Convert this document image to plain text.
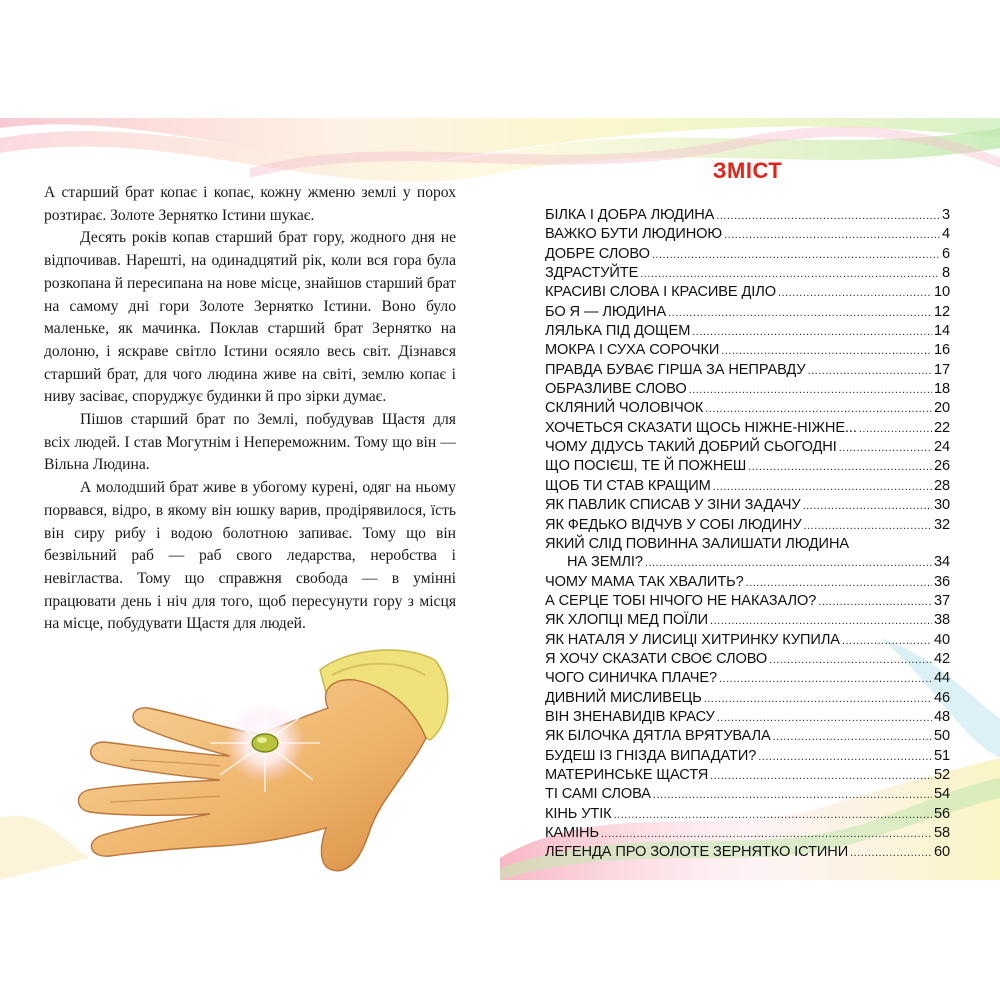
А старший брат копає і копає, кожну жменю землі у порох розтирає. Золоте Зернятко Істини шукає.

Десять років копав старший брат гору, жодного дня не відпочивав. Нарешті, на одинадцятий рік, коли вся гора була розкопана й пересипана на нове місце, знайшов старший брат на самому дні гори Золоте Зернятко Істини. Воно було маленьке, як мачинка. Поклав старший брат Зернятко на долоню, і яскраве світло Істини осяяло весь світ. Дізнався старший брат, для чого людина живе на світі, землю копає і ниву засіває, споруджує будинки й про зірки думає.

Пішов старший брат по Землі, побудував Щастя для всіх людей. І став Могутнім і Непереможним. Тому що він — Вільна Людина.

А молодший брат живе в убогому курені, одяг на ньому порвався, відро, в якому він юшку варив, продірявилося, їсть він сиру рибу і водою болотною запиває. Тому що він безвільний раб — раб свого ледарства, неробства і невігластва. Тому що справжня свобода — в умінні працювати день і ніч для того, щоб пересунути гору з місця на місце, побудувати Щастя для людей.

ЗМІСТ
БІЛКА І ДОБРА ЛЮДИНА .....	3
ВАЖКО БУТИ ЛЮДИНОЮ .....	4
ДОБРЕ СЛОВО .....	6
ЗДРАСТУЙТЕ .....	8
КРАСИВІ СЛОВА І КРАСИВЕ ДІЛО .....	10
БО Я — ЛЮДИНА .....	12
ЛЯЛЬКА ПІД ДОЩЕМ .....	14
МОКРА І СУХА СОРОЧКИ .....	16
ПРАВДА БУВАЄ ГІРША ЗА НЕПРАВДУ .....	17
ОБРАЗЛИВЕ СЛОВО .....	18
СКЛЯНИЙ ЧОЛОВІЧОК .....	20
ХОЧЕТЬСЯ СКАЗАТИ ЩОСЬ НІЖНЕ-НІЖНЕ... .....	22
ЧОМУ ДІДУСЬ ТАКИЙ ДОБРИЙ СЬОГОДНІ .....	24
ЩО ПОСІЄШ, ТЕ Й ПОЖНЕШ .....	26
ЩОБ ТИ СТАВ КРАЩИМ .....	28
ЯК ПАВЛИК СПИСАВ У ЗІНИ ЗАДАЧУ .....	30
ЯК ФЕДЬКО ВІДЧУВ У СОБІ ЛЮДИНУ .....	32
ЯКИЙ СЛІД ПОВИННА ЗАЛИШАТИ ЛЮДИНА
НА ЗЕМЛІ? .....	34
ЧОМУ МАМА ТАК ХВАЛИТЬ? .....	36
А СЕРЦЕ ТОБІ НІЧОГО НЕ НАКАЗАЛО? .....	37
ЯК ХЛОПЦІ МЕД ПОЇЛИ .....	38
ЯК НАТАЛЯ У ЛИСИЦІ ХИТРИНКУ КУПИЛА .....	40
Я ХОЧУ СКАЗАТИ СВОЄ СЛОВО .....	42
ЧОГО СИНИЧКА ПЛАЧЕ? .....	44
ДИВНИЙ МИСЛИВЕЦЬ .....	46
ВІН ЗНЕНАВИДІВ КРАСУ .....	48
ЯК БІЛОЧКА ДЯТЛА ВРЯТУВАЛА .....	50
БУДЕШ ІЗ ГНІЗДА ВИПАДАТИ? .....	51
МАТЕРИНСЬКЕ ЩАСТЯ .....	52
ТІ САМІ СЛОВА .....	54
КІНЬ УТІК .....	56
КАМІНЬ .....	58
ЛЕГЕНДА ПРО ЗОЛОТЕ ЗЕРНЯТКО ІСТИНИ .....	60
